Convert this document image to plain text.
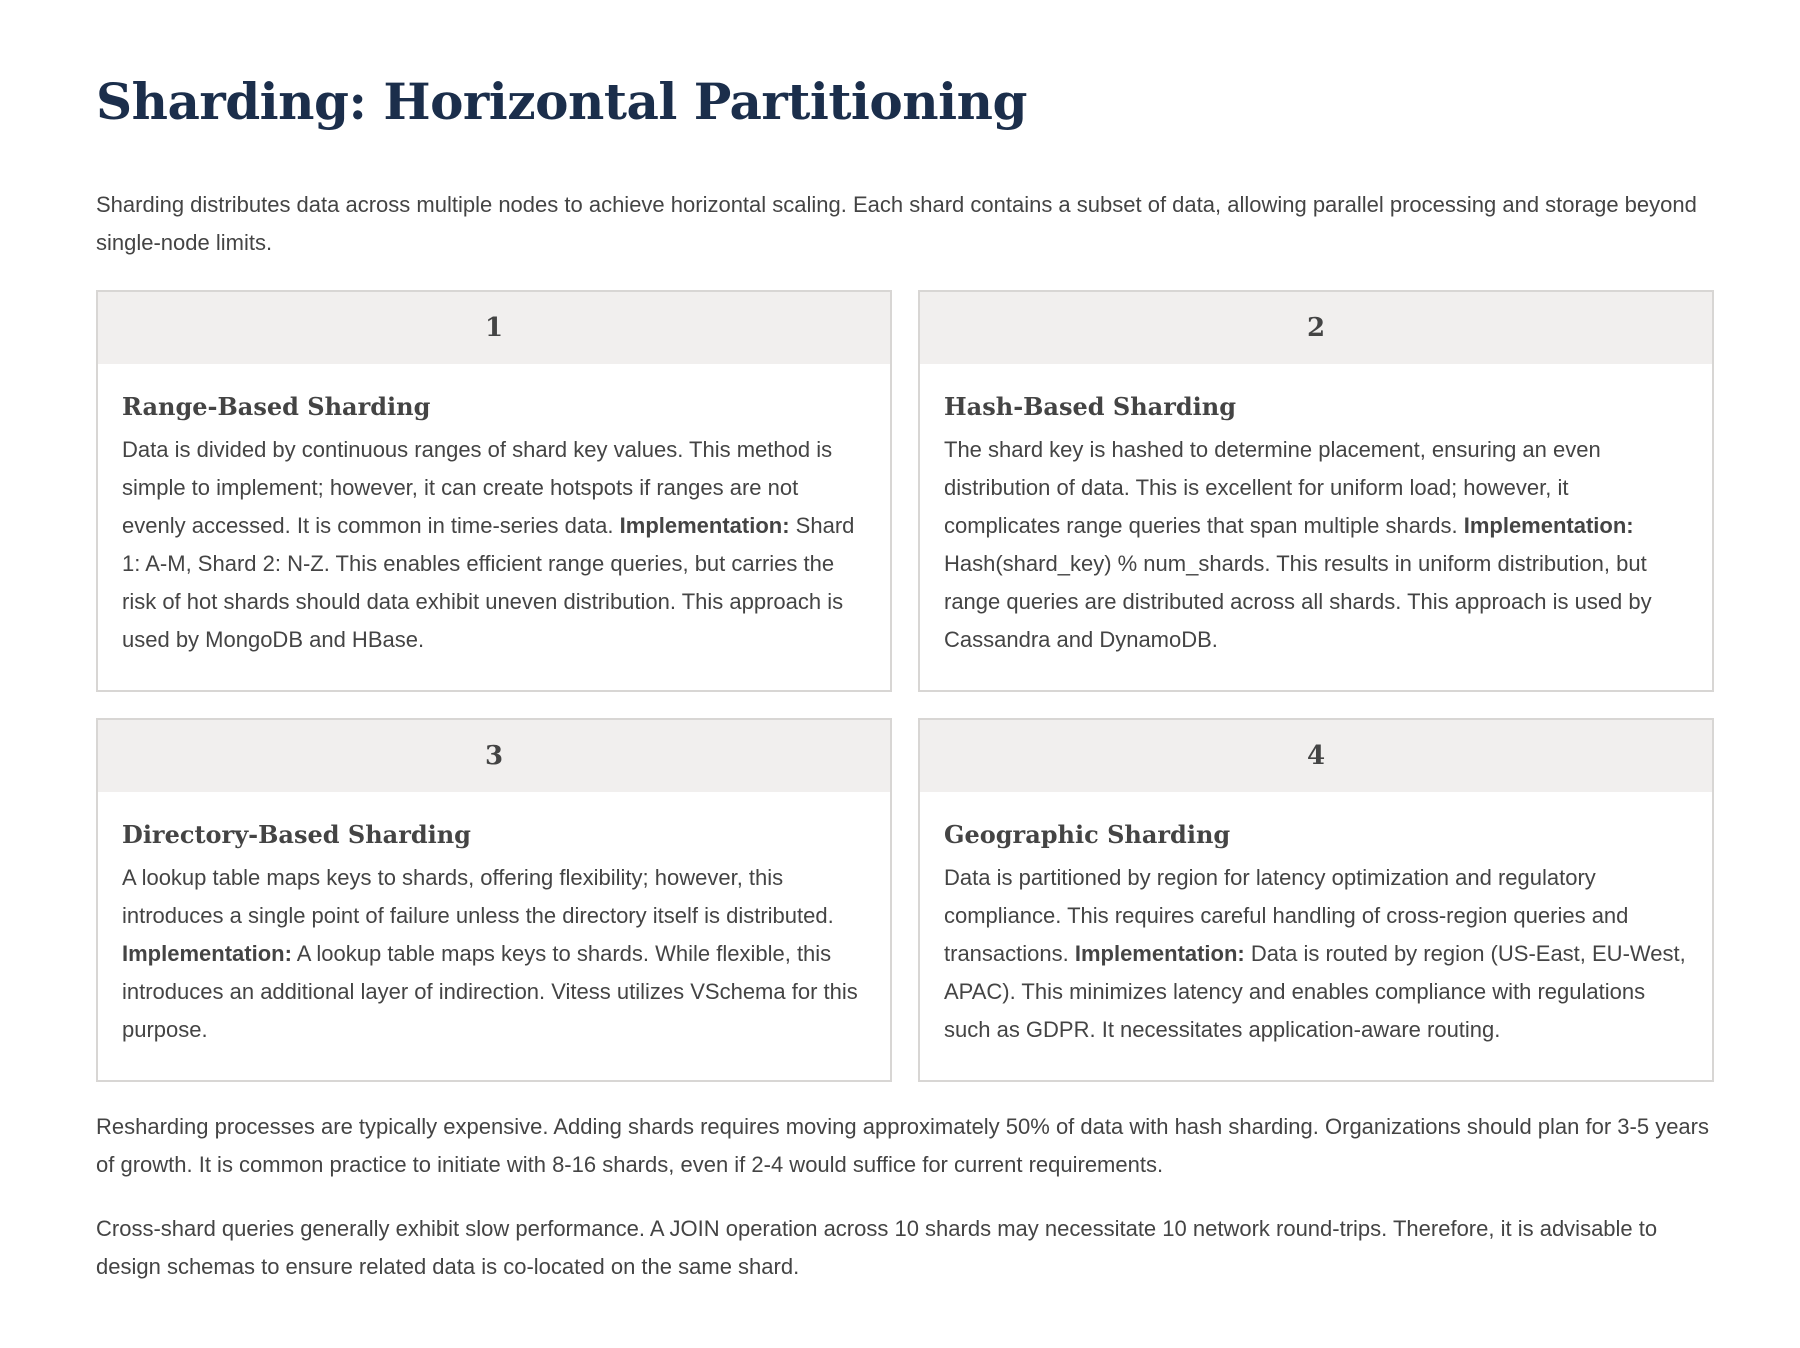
Sharding: Horizontal Partitioning

Sharding distributes data across multiple nodes to achieve horizontal scaling. Each shard contains a subset of data, allowing parallel processing and storage beyond single-node limits.

1
Range-Based Sharding

Data is divided by continuous ranges of shard key values. This method is simple to implement; however, it can create hotspots if ranges are not evenly accessed. It is common in time-series data. Implementation: Shard 1: A-M, Shard 2: N-Z. This enables efficient range queries, but carries the risk of hot shards should data exhibit uneven distribution. This approach is used by MongoDB and HBase.

2
Hash-Based Sharding

The shard key is hashed to determine placement, ensuring an even distribution of data. This is excellent for uniform load; however, it complicates range queries that span multiple shards. Implementation: Hash(shard_key) % num_shards. This results in uniform distribution, but range queries are distributed across all shards. This approach is used by Cassandra and DynamoDB.

3
Directory-Based Sharding

A lookup table maps keys to shards, offering flexibility; however, this introduces a single point of failure unless the directory itself is distributed. Implementation: A lookup table maps keys to shards. While flexible, this introduces an additional layer of indirection. Vitess utilizes VSchema for this purpose.

4
Geographic Sharding

Data is partitioned by region for latency optimization and regulatory compliance. This requires careful handling of cross-region queries and transactions. Implementation: Data is routed by region (US-East, EU-West, APAC). This minimizes latency and enables compliance with regulations such as GDPR. It necessitates application-aware routing.

Resharding processes are typically expensive. Adding shards requires moving approximately 50% of data with hash sharding. Organizations should plan for 3-5 years of growth. It is common practice to initiate with 8-16 shards, even if 2-4 would suffice for current requirements.

Cross-shard queries generally exhibit slow performance. A JOIN operation across 10 shards may necessitate 10 network round-trips. Therefore, it is advisable to design schemas to ensure related data is co-located on the same shard.
